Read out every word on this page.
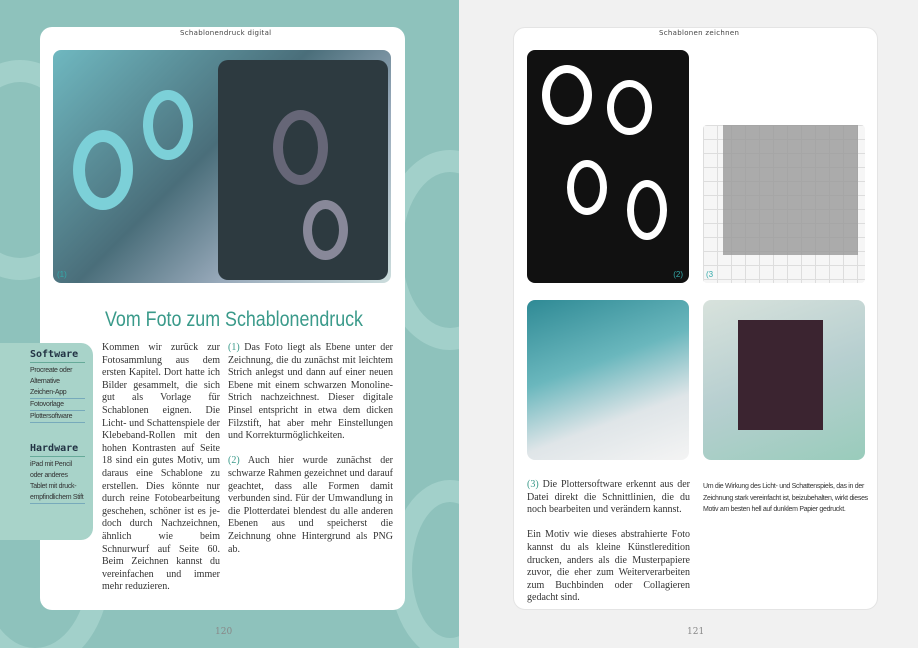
Schablonendruck digital
(1)
Vom Foto zum Schablonendruck
Software
Procreate oder Alternative Zeichen-App
Fotovorlage
Plottersoftware
Hardware
iPad mit Pencil oder anderes Tablet mit druck-empfindlichem Stift
Kommen wir zurück zur Fotosammlung aus dem ersten Kapitel. Dort hatte ich Bilder gesammelt, die sich gut als Vorlage für Schablonen eignen. Die Licht- und Schattenspiele der Klebeband-Rollen mit den hohen Kontrasten auf Seite 18 sind ein gutes Motiv, um daraus eine Schablone zu erstellen. Dies könnte nur durch reine Fotobearbeitung geschehen, schöner ist es jedoch durch Nachzeichnen, ähnlich wie beim Schnurwurf auf Seite 60. Beim Zeichnen kannst du vereinfachen und immer mehr reduzieren.

(1) Das Foto liegt als Ebene unter der Zeichnung, die du zunächst mit leichtem Strich anlegst und dann auf einer neuen Ebene mit einem schwarzen Monoline-Strich nachzeichnest. Dieser digitale Pinsel entspricht in etwa dem dicken Filzstift, hat aber mehr Einstellungen und Korrekturmöglichkeiten.

(2) Auch hier wurde zunächst der schwarze Rahmen gezeichnet und darauf geachtet, dass alle Formen damit verbunden sind. Für der Umwandlung in die Plotterdatei blendest du alle anderen Ebenen aus und speicherst die Zeichnung ohne Hintergrund als PNG ab.

120
Schablonen zeichnen
121
(2)	(3

(3) Die Plottersoftware erkennt aus der Datei direkt die Schnittlinien, die du noch bearbeiten und verändern kannst.

Ein Motiv wie dieses abstrahierte Foto kannst du als kleine Künstleredition drucken, anders als die Musterpapiere zuvor, die eher zum Weiterverarbeiten zum Buchbinden oder Collagieren gedacht sind.

Um die Wirkung des Licht- und Schattenspiels, das in der Zeichnung stark vereinfacht ist, beizubehalten, wirkt dieses Motiv am besten hell auf dunklem Papier gedruckt.
